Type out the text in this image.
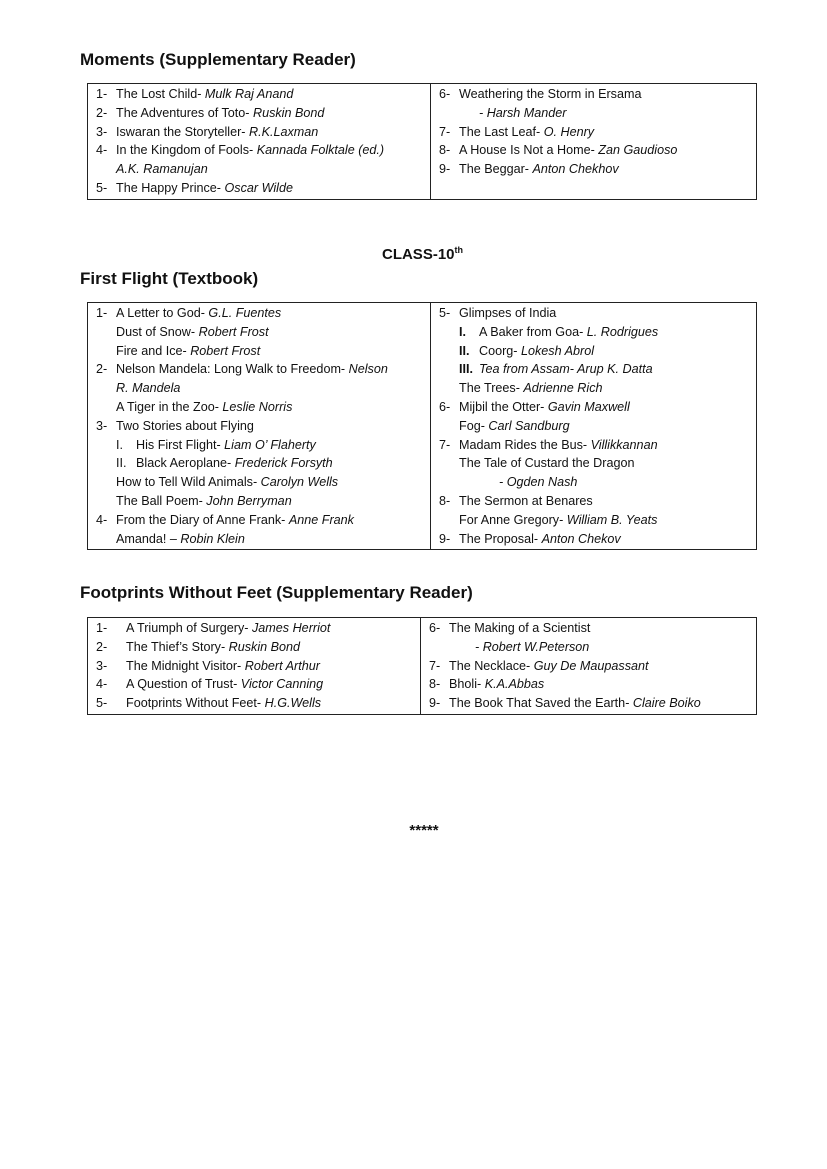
Moments (Supplementary Reader)
1- The Lost Child- Mulk Raj Anand
2- The Adventures of Toto- Ruskin Bond
3- Iswaran the Storyteller- R.K.Laxman
4- In the Kingdom of Fools- Kannada Folktale (ed.)
A.K. Ramanujan
5- The Happy Prince- Oscar Wilde

6- Weathering the Storm in Ersama
- Harsh Mander
7- The Last Leaf- O. Henry
8- A House Is Not a Home- Zan Gaudioso
9- The Beggar- Anton Chekhov
CLASS-10th
First Flight (Textbook)
1- A Letter to God- G.L. Fuentes
Dust of Snow- Robert Frost
Fire and Ice- Robert Frost
2- Nelson Mandela: Long Walk to Freedom- Nelson
R. Mandela
A Tiger in the Zoo- Leslie Norris
3- Two Stories about Flying
I. His First Flight- Liam O’ Flaherty
II. Black Aeroplane- Frederick Forsyth
How to Tell Wild Animals- Carolyn Wells
The Ball Poem- John Berryman
4- From the Diary of Anne Frank- Anne Frank
Amanda! – Robin Klein

5- Glimpses of India
I. A Baker from Goa- L. Rodrigues
II. Coorg- Lokesh Abrol
III. Tea from Assam- Arup K. Datta
The Trees- Adrienne Rich
6- Mijbil the Otter- Gavin Maxwell
Fog- Carl Sandburg
7- Madam Rides the Bus- Villikkannan
The Tale of Custard the Dragon
- Ogden Nash
8- The Sermon at Benares
For Anne Gregory- William B. Yeats
9- The Proposal- Anton Chekov
Footprints Without Feet (Supplementary Reader)
1- A Triumph of Surgery- James Herriot
2- The Thief’s Story- Ruskin Bond
3- The Midnight Visitor- Robert Arthur
4- A Question of Trust- Victor Canning
5- Footprints Without Feet- H.G.Wells

6- The Making of a Scientist
- Robert W.Peterson
7- The Necklace- Guy De Maupassant
8- Bholi- K.A.Abbas
9- The Book That Saved the Earth- Claire Boiko

*****
